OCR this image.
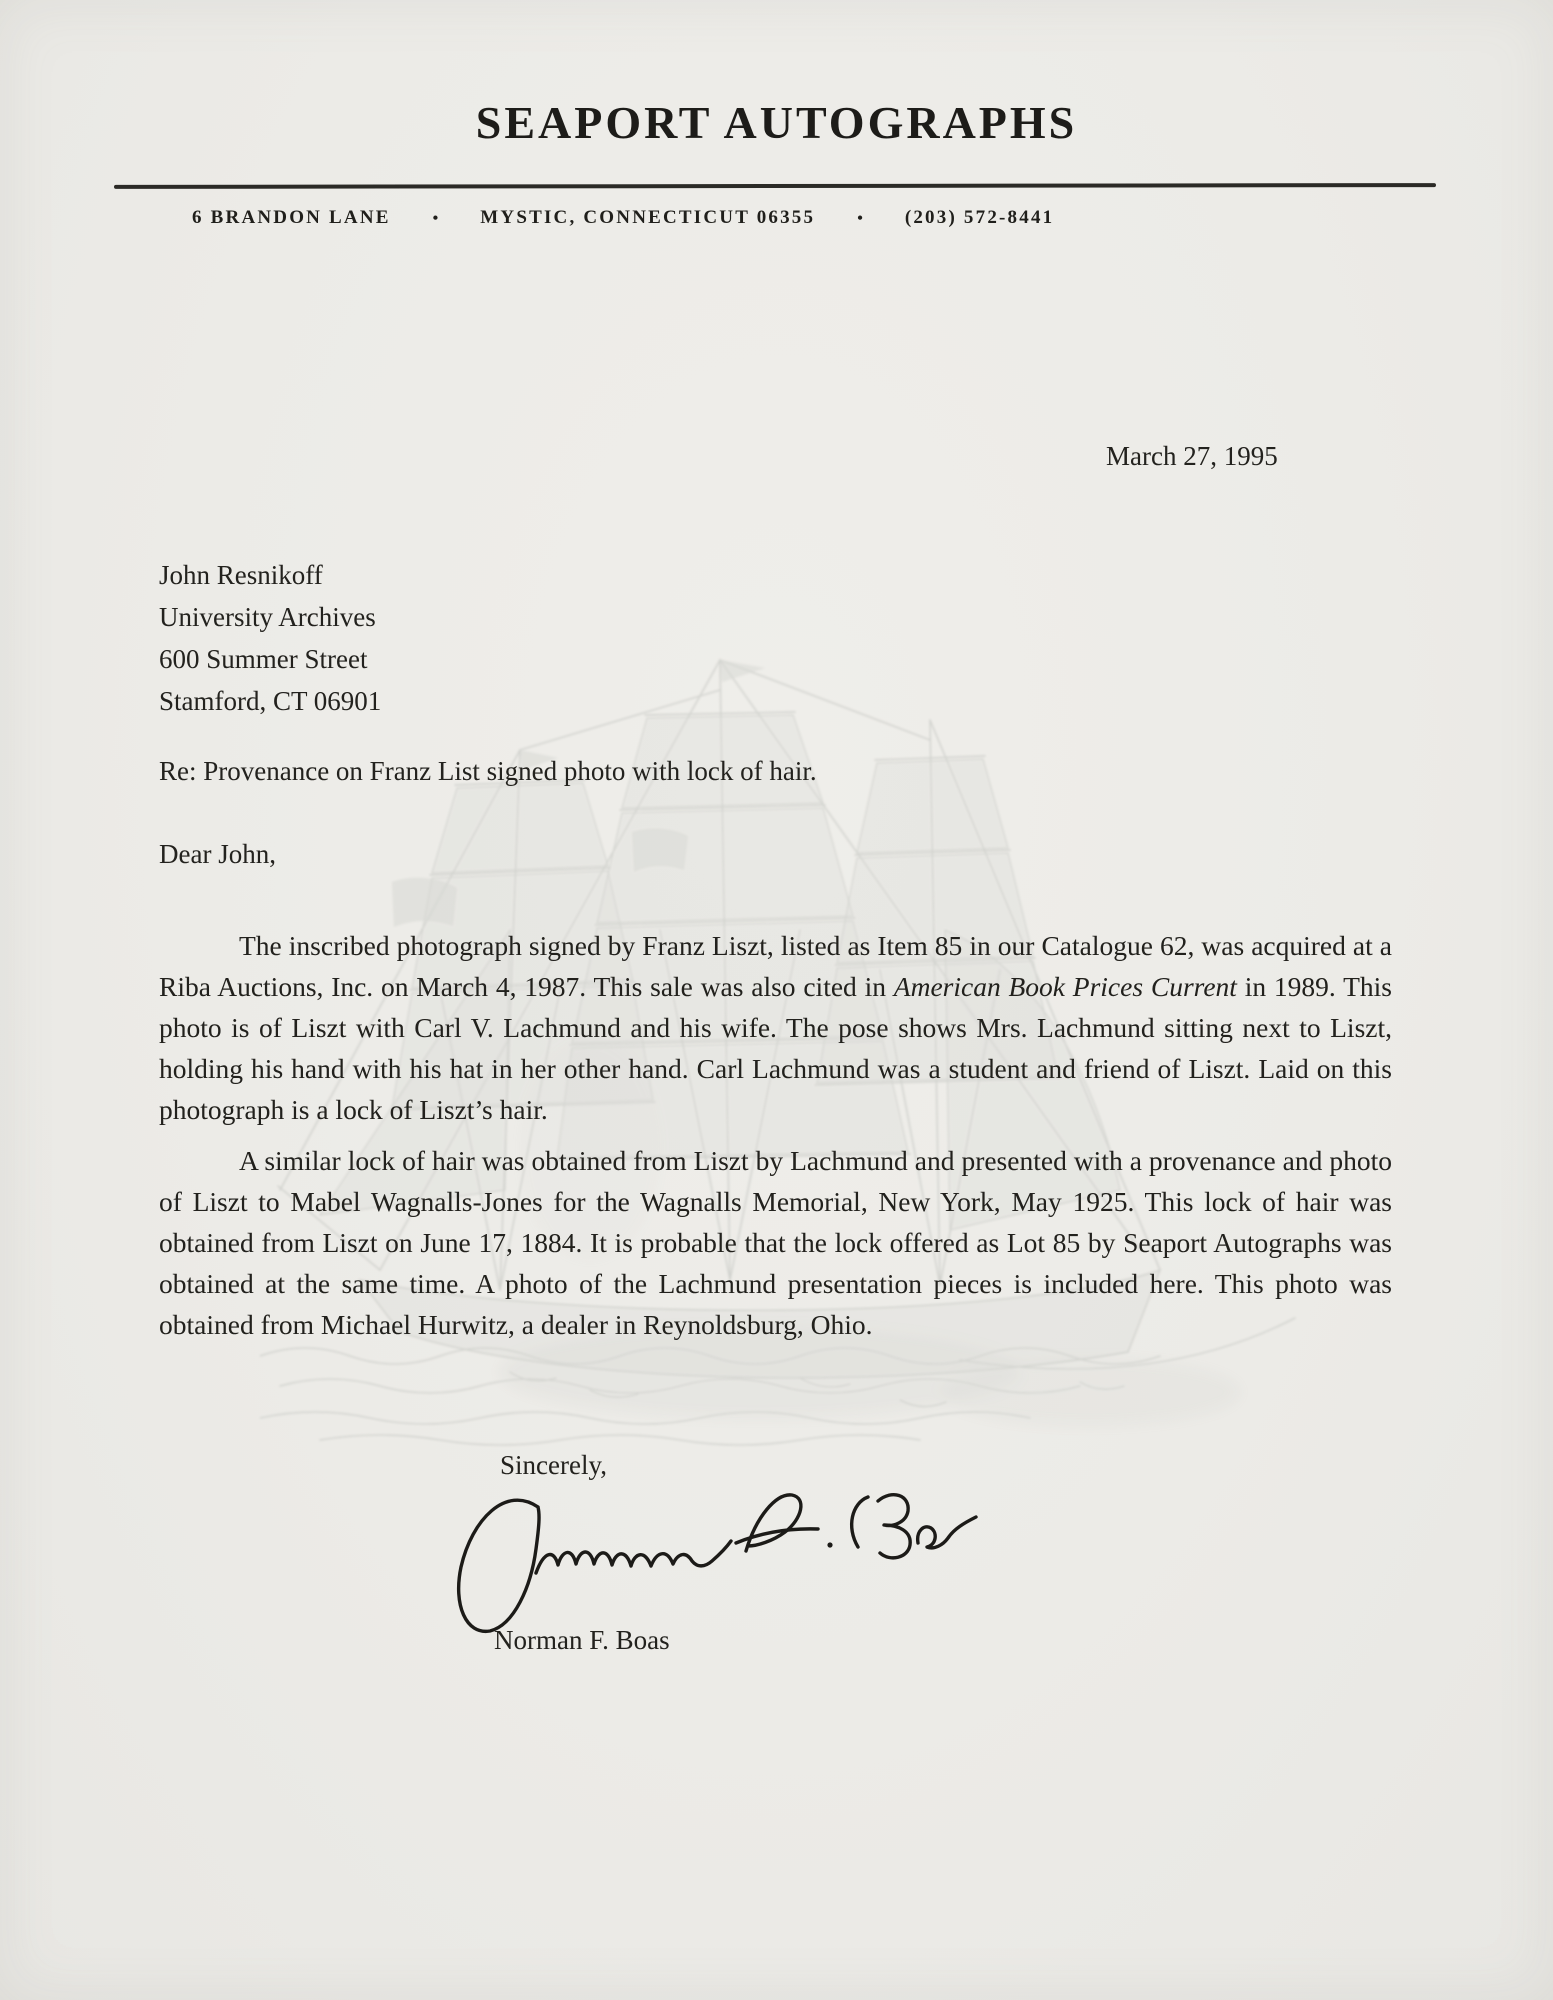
SEAPORT AUTOGRAPHS
6 BRANDON LANE	• MYSTIC, CONNECTICUT 06355	• (203) 572-8441
March 27, 1995
John Resnikoff
University Archives
600 Summer Street
Stamford, CT 06901
Re: Provenance on Franz List signed photo with lock of hair.
Dear John,

The inscribed photograph signed by Franz Liszt, listed as Item 85 in our Catalogue 62, was acquired at a Riba Auctions, Inc. on March 4, 1987. This sale was also cited in American Book Prices Current in 1989. This photo is of Liszt with Carl V. Lachmund and his wife. The pose shows Mrs. Lachmund sitting next to Liszt, holding his hand with his hat in her other hand. Carl Lachmund was a student and friend of Liszt. Laid on this photograph is a lock of Liszt’s hair.

A similar lock of hair was obtained from Liszt by Lachmund and presented with a provenance and photo of Liszt to Mabel Wagnalls-Jones for the Wagnalls Memorial, New York, May 1925. This lock of hair was obtained from Liszt on June 17, 1884. It is probable that the lock offered as Lot 85 by Seaport Autographs was obtained at the same time. A photo of the Lachmund presentation pieces is included here. This photo was obtained from Michael Hurwitz, a dealer in Reynoldsburg, Ohio.

Sincerely,
Norman F. Boas
